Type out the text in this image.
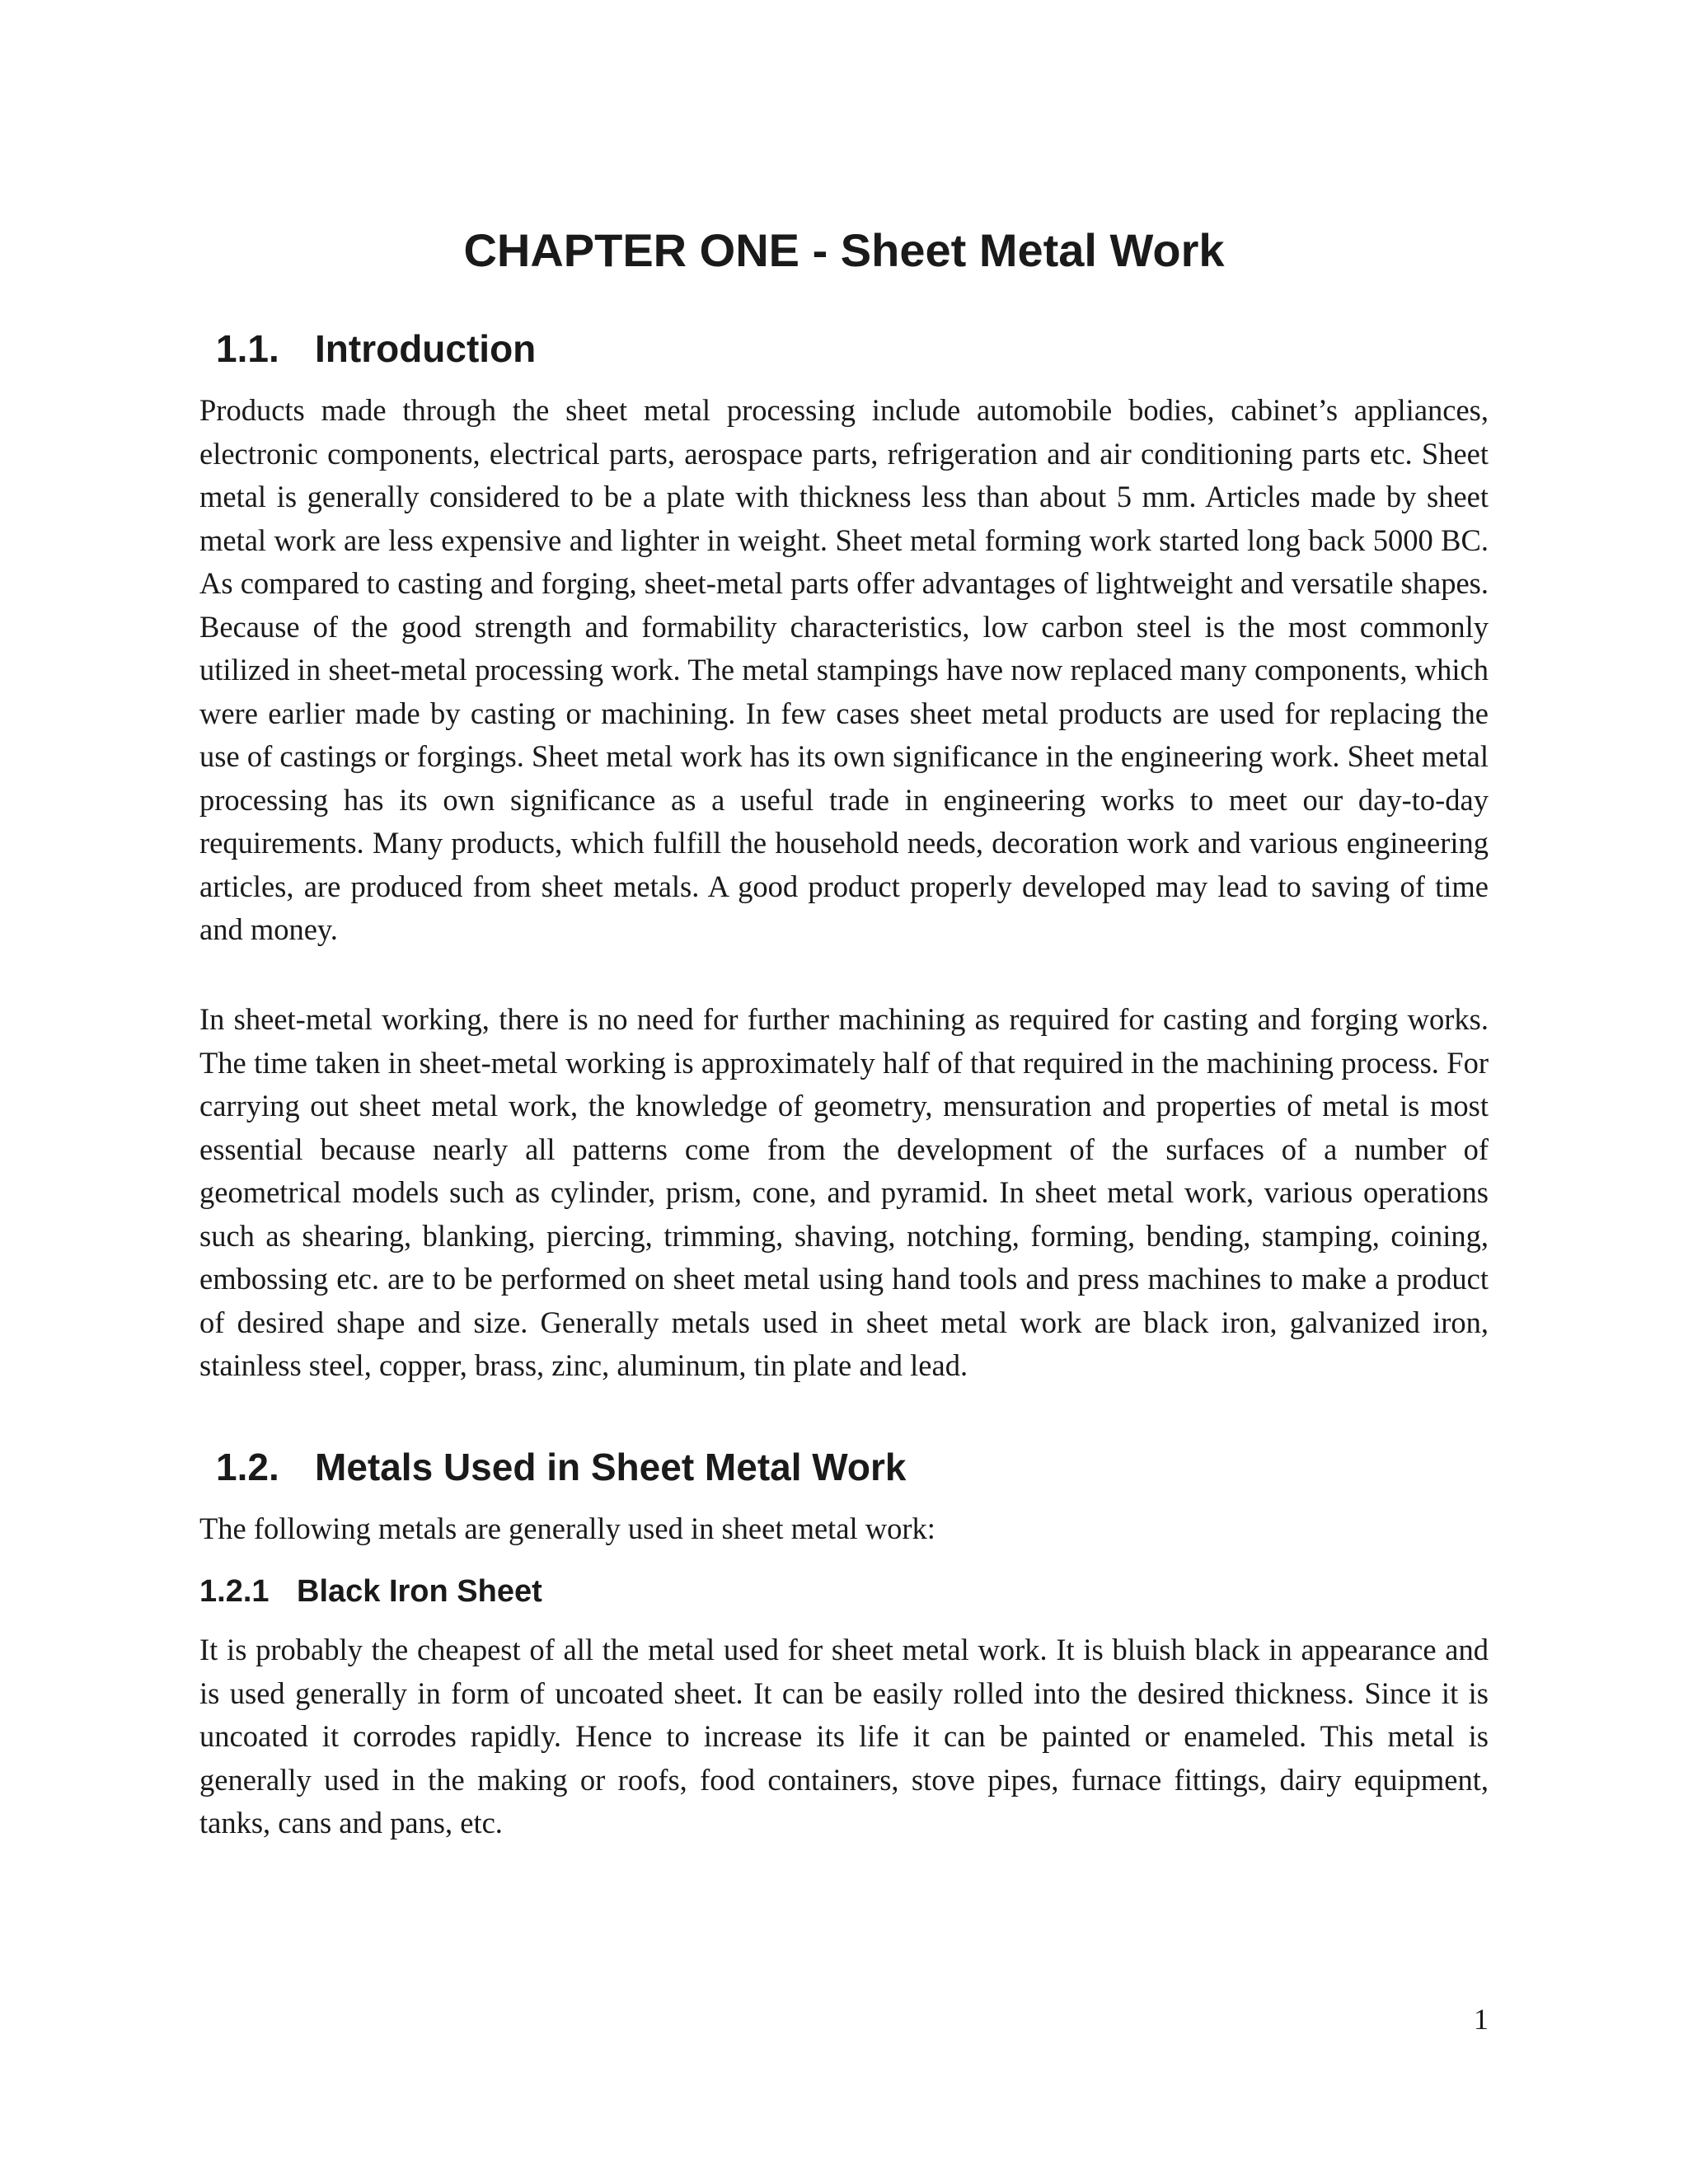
CHAPTER ONE - Sheet Metal Work
1.1. Introduction

Products made through the sheet metal processing include automobile bodies, cabinet’s appliances, electronic components, electrical parts, aerospace parts, refrigeration and air conditioning parts etc. Sheet metal is generally considered to be a plate with thickness less than about 5 mm. Articles made by sheet metal work are less expensive and lighter in weight. Sheet metal forming work started long back 5000 BC. As compared to casting and forging, sheet-metal parts offer advantages of lightweight and versatile shapes. Because of the good strength and formability characteristics, low carbon steel is the most commonly utilized in sheet-metal processing work. The metal stampings have now replaced many components, which were earlier made by casting or machining. In few cases sheet metal products are used for replacing the use of castings or forgings. Sheet metal work has its own significance in the engineering work. Sheet metal processing has its own significance as a useful trade in engineering works to meet our day-to-day requirements. Many products, which fulfill the household needs, decoration work and various engineering articles, are produced from sheet metals. A good product properly developed may lead to saving of time and money.

In sheet-metal working, there is no need for further machining as required for casting and forging works. The time taken in sheet-metal working is approximately half of that required in the machining process. For carrying out sheet metal work, the knowledge of geometry, mensuration and properties of metal is most essential because nearly all patterns come from the development of the surfaces of a number of geometrical models such as cylinder, prism, cone, and pyramid. In sheet metal work, various operations such as shearing, blanking, piercing, trimming, shaving, notching, forming, bending, stamping, coining, embossing etc. are to be performed on sheet metal using hand tools and press machines to make a product of desired shape and size. Generally metals used in sheet metal work are black iron, galvanized iron, stainless steel, copper, brass, zinc, aluminum, tin plate and lead.

1.2. Metals Used in Sheet Metal Work

The following metals are generally used in sheet metal work:

1.2.1 Black Iron Sheet

It is probably the cheapest of all the metal used for sheet metal work. It is bluish black in appearance and is used generally in form of uncoated sheet. It can be easily rolled into the desired thickness. Since it is uncoated it corrodes rapidly. Hence to increase its life it can be painted or enameled. This metal is generally used in the making or roofs, food containers, stove pipes, furnace fittings, dairy equipment, tanks, cans and pans, etc.

1
